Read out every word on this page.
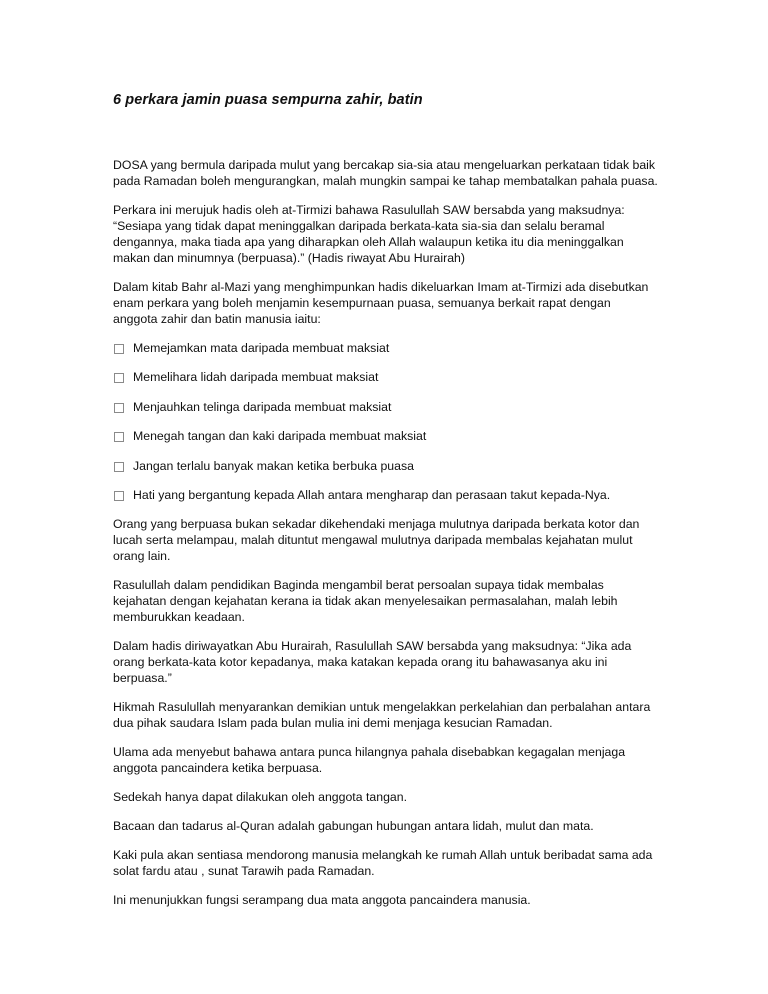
6 perkara jamin puasa sempurna zahir, batin

DOSA yang bermula daripada mulut yang bercakap sia-sia atau mengeluarkan perkataan tidak baik pada Ramadan boleh mengurangkan, malah mungkin sampai ke tahap membatalkan pahala puasa.

Perkara ini merujuk hadis oleh at-Tirmizi bahawa Rasulullah SAW bersabda yang maksudnya: “Sesiapa yang tidak dapat meninggalkan daripada berkata-kata sia-sia dan selalu beramal dengannya, maka tiada apa yang diharapkan oleh Allah walaupun ketika itu dia meninggalkan makan dan minumnya (berpuasa).” (Hadis riwayat Abu Hurairah)

Dalam kitab Bahr al-Mazi yang menghimpunkan hadis dikeluarkan Imam at-Tirmizi ada disebutkan enam perkara yang boleh menjamin kesempurnaan puasa, semuanya berkait rapat dengan anggota zahir dan batin manusia iaitu:

Memejamkan mata daripada membuat maksiat
Memelihara lidah daripada membuat maksiat
Menjauhkan telinga daripada membuat maksiat
Menegah tangan dan kaki daripada membuat maksiat
Jangan terlalu banyak makan ketika berbuka puasa
Hati yang bergantung kepada Allah antara mengharap dan perasaan takut kepada-Nya.

Orang yang berpuasa bukan sekadar dikehendaki menjaga mulutnya daripada berkata kotor dan lucah serta melampau, malah dituntut mengawal mulutnya daripada membalas kejahatan mulut orang lain.

Rasulullah dalam pendidikan Baginda mengambil berat persoalan supaya tidak membalas kejahatan dengan kejahatan kerana ia tidak akan menyelesaikan permasalahan, malah lebih memburukkan keadaan.

Dalam hadis diriwayatkan Abu Hurairah, Rasulullah SAW bersabda yang maksudnya: “Jika ada orang berkata-kata kotor kepadanya, maka katakan kepada orang itu bahawasanya aku ini berpuasa.”

Hikmah Rasulullah menyarankan demikian untuk mengelakkan perkelahian dan perbalahan antara dua pihak saudara Islam pada bulan mulia ini demi menjaga kesucian Ramadan.

Ulama ada menyebut bahawa antara punca hilangnya pahala disebabkan kegagalan menjaga anggota pancaindera ketika berpuasa.

Sedekah hanya dapat dilakukan oleh anggota tangan.

Bacaan dan tadarus al-Quran adalah gabungan hubungan antara lidah, mulut dan mata.

Kaki pula akan sentiasa mendorong manusia melangkah ke rumah Allah untuk beribadat sama ada solat fardu atau , sunat Tarawih pada Ramadan.

Ini menunjukkan fungsi serampang dua mata anggota pancaindera manusia.
